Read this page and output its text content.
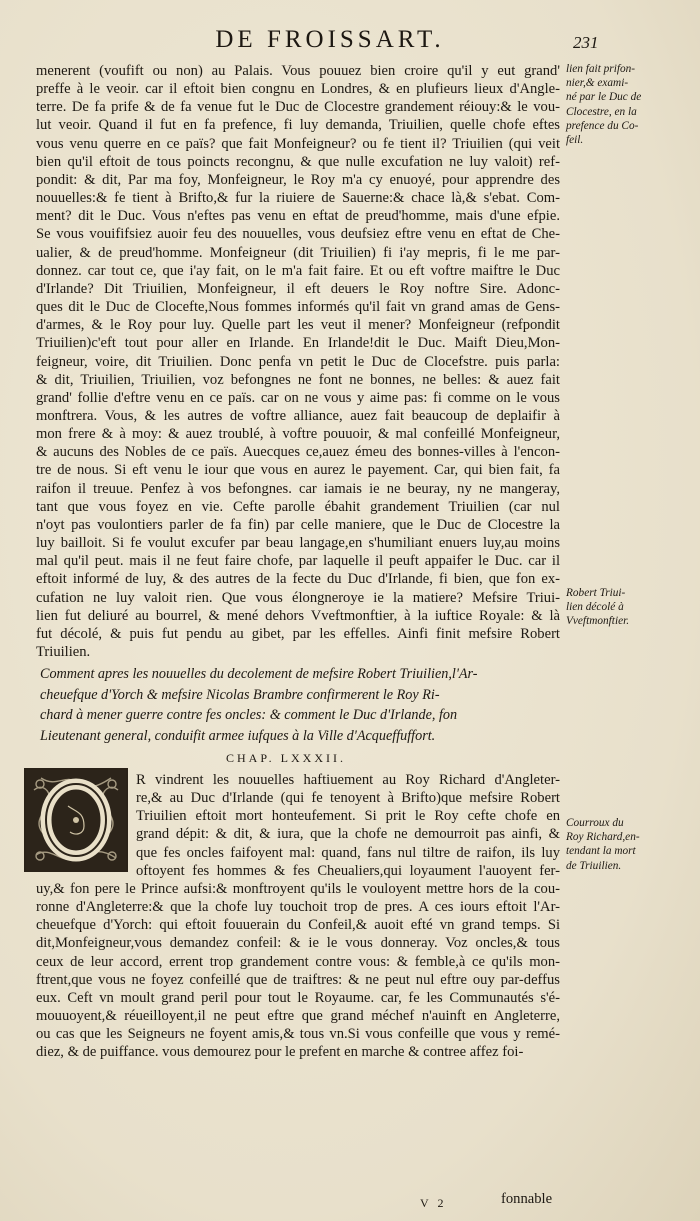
DE FROISSART.	231
menerent (voufift ou non) au Palais. Vous pouuez bien croire qu'il y eut grand'
preffe à le veoir. car il eftoit bien congnu en Londres, & en plufieurs lieux d'Angle-
terre. De fa prife & de fa venue fut le Duc de Clocestre grandement réiouy:& le vou-
lut veoir. Quand il fut en fa prefence, fi luy demanda, Triuilien, quelle chofe eftes
vous venu querre en ce païs? que fait Monfeigneur? ou fe tient il? Triuilien (qui veit
bien qu'il eftoit de tous poincts recongnu, & que nulle excufation ne luy valoit) ref-
pondit: & dit, Par ma foy, Monfeigneur, le Roy m'a cy enuoyé, pour apprendre des
nouuelles:& fe tient à Brifto,& fur la riuiere de Sauerne:& chace là,& s'ebat. Com-
ment? dit le Duc. Vous n'eftes pas venu en eftat de preud'homme, mais d'une efpie.
Se vous vouififsiez auoir feu des nouuelles, vous deufsiez eftre venu en eftat de Che-
ualier, & de preud'homme. Monfeigneur (dit Triuilien) fi i'ay mepris, fi le me par-
donnez. car tout ce, que i'ay fait, on le m'a fait faire. Et ou eft voftre maiftre le Duc
d'Irlande? Dit Triuilien, Monfeigneur, il eft deuers le Roy noftre Sire. Adonc-
ques dit le Duc de Clocefte,Nous fommes informés qu'il fait vn grand amas de Gens-
d'armes, & le Roy pour luy. Quelle part les veut il mener? Monfeigneur (refpondit
Triuilien)c'eft tout pour aller en Irlande. En Irlande!dit le Duc. Maift Dieu,Mon-
feigneur, voire, dit Triuilien. Donc penfa vn petit le Duc de Clocefstre. puis parla:
& dit, Triuilien, Triuilien, voz befongnes ne font ne bonnes, ne belles: & auez fait
grand' follie d'eftre venu en ce païs. car on ne vous y aime pas: fi comme on le vous
monftrera. Vous, & les autres de voftre alliance, auez fait beaucoup de deplaifir à
mon frere & à moy: & auez troublé, à voftre pouuoir, & mal confeillé Monfeigneur,
& aucuns des Nobles de ce païs. Auecques ce,auez émeu des bonnes-villes à l'encon-
tre de nous. Si eft venu le iour que vous en aurez le payement. Car, qui bien fait, fa
raifon il treuue. Penfez à vos befongnes. car iamais ie ne beuray, ny ne mangeray,
tant que vous foyez en vie. Cefte parolle ébahit grandement Triuilien (car nul
n'oyt pas voulontiers parler de fa fin) par celle maniere, que le Duc de Clocestre la
luy bailloit. Si fe voulut excufer par beau langage,en s'humiliant enuers luy,au moins
mal qu'il peut. mais il ne feut faire chofe, par laquelle il peuft appaifer le Duc. car il
eftoit informé de luy, & des autres de la fecte du Duc d'Irlande, fi bien, que fon ex-
cufation ne luy valoit rien. Que vous élongneroye ie la matiere? Mefsire Triui-
lien fut deliuré au bourrel, & mené dehors Vveftmonftier, à la iuftice Royale: & là
fut décolé, & puis fut pendu au gibet, par les effelles. Ainfi finit mefsire Robert
Triuilien.
lien fait prifon-
nier,& exami-
né par le Duc de
Clocestre, en la
prefence du Co-
feil.
Robert Triui-
lien décolé à
Vveftmonftier.
Courroux du
Roy Richard,en-
tendant la mort
de Triuilien.
Comment apres les nouuelles du decolement de mefsire Robert Triuilien,l'Ar-
cheuefque d'Yorch & mefsire Nicolas Brambre confirmerent le Roy Ri-
chard à mener guerre contre fes oncles: & comment le Duc d'Irlande, fon
Lieutenant general, conduifit armee iufques à la Ville d'Acqueffuffort.
CHAP. LXXXII.
R vindrent les nouuelles haftiuement au Roy Richard d'Angleter-
re,& au Duc d'Irlande (qui fe tenoyent à Brifto)que mefsire Robert
Triuilien eftoit mort honteufement. Si prit le Roy cefte chofe en
grand dépit: & dit, & iura, que la chofe ne demourroit pas ainfi, &
que fes oncles faifoyent mal: quand, fans nul tiltre de raifon, ils luy
oftoyent fes hommes & fes Cheualiers,qui loyaument l'auoyent fer-
uy,& fon pere le Prince aufsi:& monftroyent qu'ils le vouloyent mettre hors de la cou-
ronne d'Angleterre:& que la chofe luy touchoit trop de pres. A ces iours eftoit l'Ar-
cheuefque d'Yorch: qui eftoit fouuerain du Confeil,& auoit efté vn grand temps. Si
dit,Monfeigneur,vous demandez confeil: & ie le vous donneray. Voz oncles,& tous
ceux de leur accord, errent trop grandement contre vous: & femble,à ce qu'ils mon-
ftrent,que vous ne foyez confeillé que de traiftres: & ne peut nul eftre ouy par-deffus
eux. Ceft vn moult grand peril pour tout le Royaume. car, fe les Communautés s'é-
mouuoyent,& réueilloyent,il ne peut eftre que grand méchef n'auinft en Angleterre,
ou cas que les Seigneurs ne foyent amis,& tous vn.Si vous confeille que vous y remé-
diez, & de puiffance. vous demourez pour le prefent en marche & contree affez foi-
V 2	fonnable
